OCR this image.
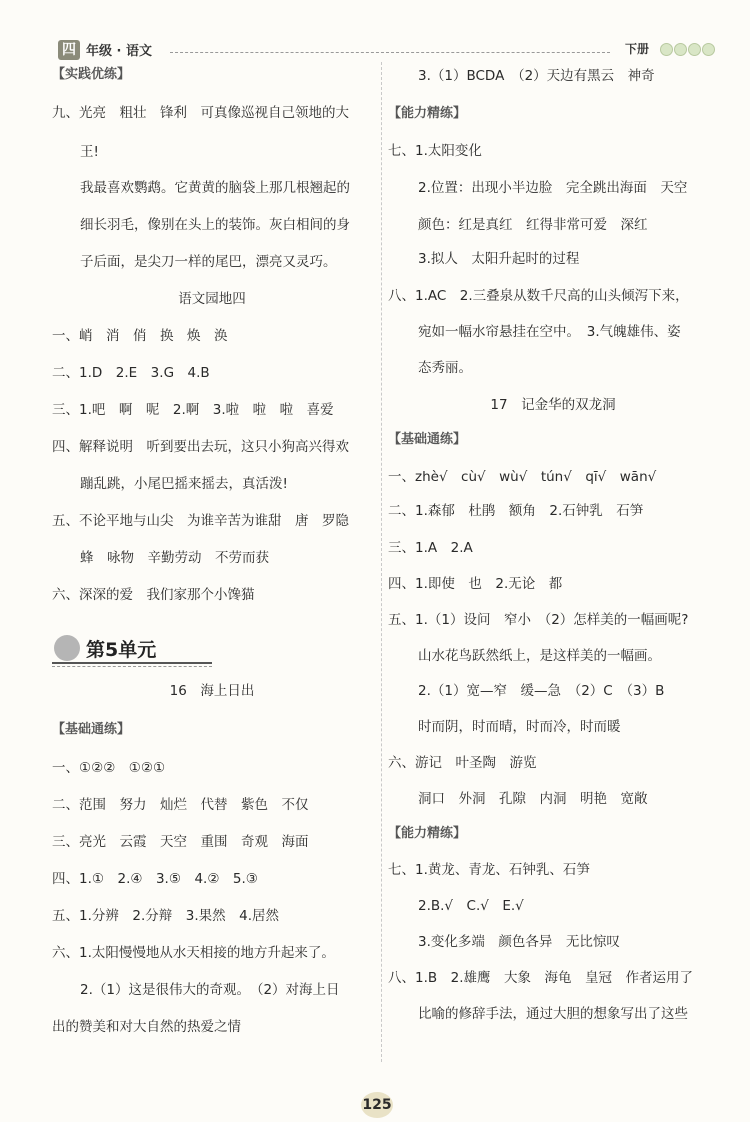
四 年级 · 语文	下册
【实践优练】
九、光亮　粗壮　锋利　可真像巡视自己领地的大
王!
我最喜欢鹦鹉。它黄黄的脑袋上那几根翘起的
细长羽毛，像别在头上的装饰。灰白相间的身
子后面，是尖刀一样的尾巴，漂亮又灵巧。
语文园地四
一、峭　消　俏　换　焕　涣
二、1.D　2.E　3.G　4.B
三、1.吧　啊　呢　2.啊　3.啦　啦　啦　喜爱
四、解释说明　听到要出去玩，这只小狗高兴得欢
蹦乱跳，小尾巴摇来摇去，真活泼!
五、不论平地与山尖　为谁辛苦为谁甜　唐　罗隐
蜂　咏物　辛勤劳动　不劳而获
六、深深的爱　我们家那个小馋猫
16　海上日出
【基础通练】
一、①②②　①②①
二、范围　努力　灿烂　代替　紫色　不仅
三、亮光　云霞　天空　重围　奇观　海面
四、1.①　2.④　3.⑤　4.②　5.③
五、1.分辨　2.分辩　3.果然　4.居然
六、1.太阳慢慢地从水天相接的地方升起来了。
2.（1）这是很伟大的奇观。　（2）对海上日
出的赞美和对大自然的热爱之情
第5单元
3.（1）BCDA　（2）天边有黑云　神奇
【能力精练】
七、1.太阳变化
2.位置：出现小半边脸　完全跳出海面　天空
颜色：红是真红　红得非常可爱　深红
3.拟人　太阳升起时的过程
八、1.AC　2.三叠泉从数千尺高的山头倾泻下来，
宛如一幅水帘悬挂在空中。　3.气魄雄伟、姿
态秀丽。
17　记金华的双龙洞
【基础通练】
一、zhè√　cù√　wù√　tún√　qī√　wān√
二、1.森郁　杜鹃　额角　2.石钟乳　石笋
三、1.A　2.A
四、1.即使　也　2.无论　都
五、1.（1）设问　窄小　（2）怎样美的一幅画呢?
山水花鸟跃然纸上，是这样美的一幅画。
2.（1）宽—窄　缓—急　（2）C　（3）B
时而阴，时而晴，时而冷，时而暖
六、游记　叶圣陶　游览
洞口　外洞　孔隙　内洞　明艳　宽敞
【能力精练】
七、1.黄龙、青龙、石钟乳、石笋
2.B.√　C.√　E.√
3.变化多端　颜色各异　无比惊叹
八、1.B　2.雄鹰　大象　海龟　皇冠　作者运用了
比喻的修辞手法，通过大胆的想象写出了这些
125
